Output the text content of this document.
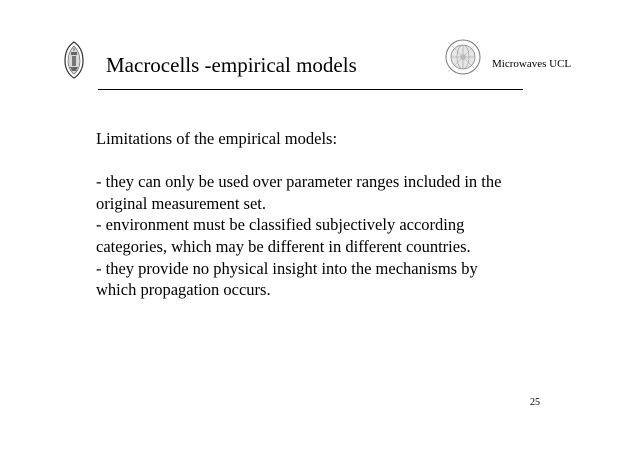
Macrocells -empirical models	Microwaves UCL
Limitations of the empirical models:
- they can only be used over parameter ranges included in the
original measurement set.
- environment must be classified subjectively according
categories, which may be different in different countries.
- they provide no physical insight into the mechanisms by
which propagation occurs.
25
